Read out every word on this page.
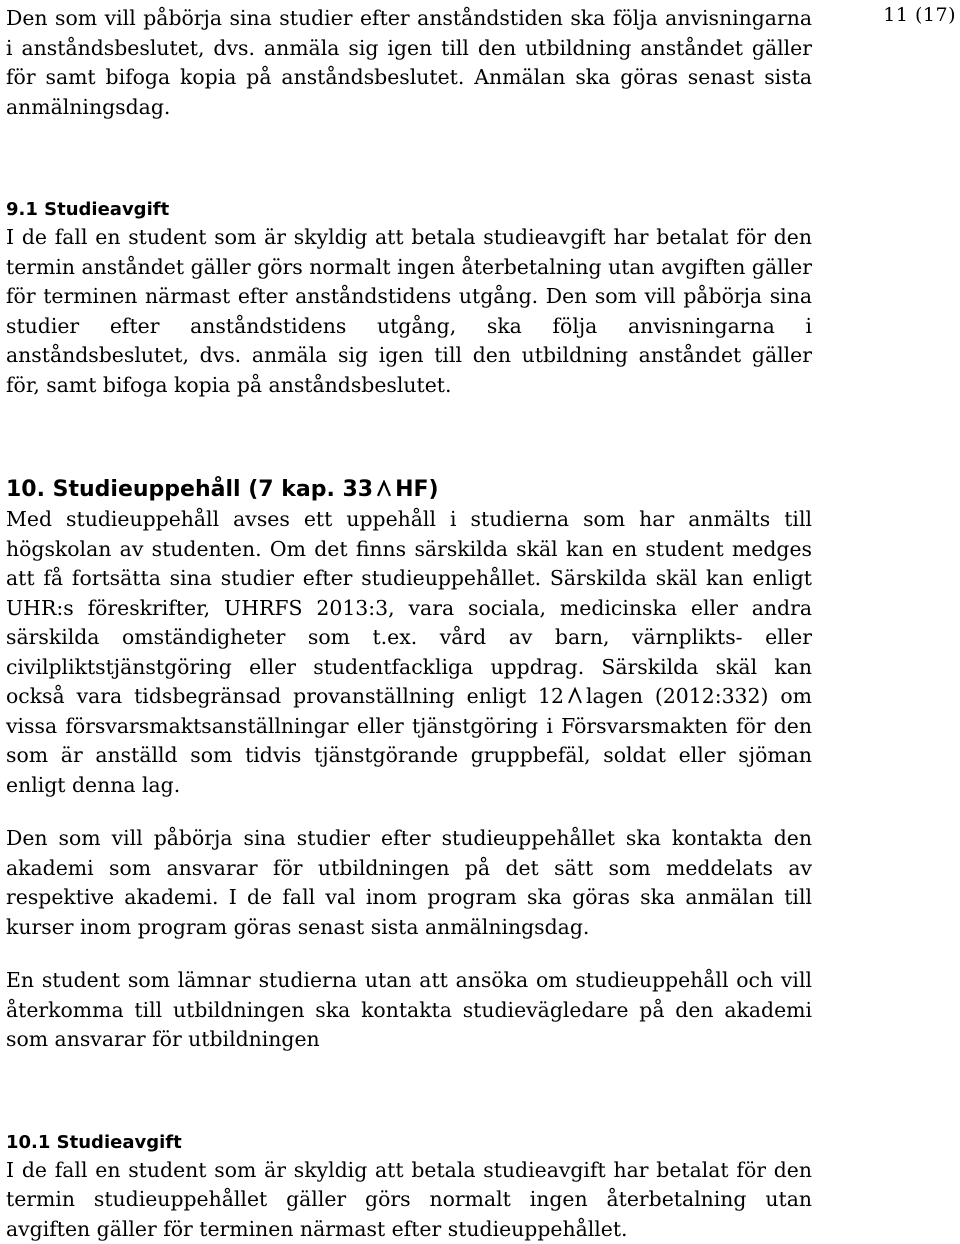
11 (17)

Den som vill påbörja sina studier efter anståndstiden ska följa anvisningarna i anståndsbeslutet, dvs. anmäla sig igen till den utbildning anståndet gäller för samt bifoga kopia på anståndsbeslutet. Anmälan ska göras senast sista anmälningsdag.

9.1 Studieavgift

I de fall en student som är skyldig att betala studieavgift har betalat för den termin anståndet gäller görs normalt ingen återbetalning utan avgiften gäller för terminen närmast efter anståndstidens utgång. Den som vill påbörja sina studier efter anståndstidens utgång, ska följa anvisningarna i anståndsbeslutet, dvs. anmäla sig igen till den utbildning anståndet gäller för, samt bifoga kopia på anståndsbeslutet.

10. Studieuppehåll (7 kap. 33 HF)

Med studieuppehåll avses ett uppehåll i studierna som har anmälts till högskolan av studenten. Om det finns särskilda skäl kan en student medges att få fortsätta sina studier efter studieuppehållet. Särskilda skäl kan enligt UHR:s föreskrifter, UHRFS 2013:3, vara sociala, medicinska eller andra särskilda omständigheter som t.ex. vård av barn, värnplikts- eller civilpliktstjänstgöring eller studentfackliga uppdrag. Särskilda skäl kan också vara tidsbegränsad provanställning enligt 12 lagen (2012:332) om vissa försvarsmaktsanställningar eller tjänstgöring i Försvarsmakten för den som är anställd som tidvis tjänstgörande gruppbefäl, soldat eller sjöman enligt denna lag.

Den som vill påbörja sina studier efter studieuppehållet ska kontakta den akademi som ansvarar för utbildningen på det sätt som meddelats av respektive akademi. I de fall val inom program ska göras ska anmälan till kurser inom program göras senast sista anmälningsdag.

En student som lämnar studierna utan att ansöka om studieuppehåll och vill återkomma till utbildningen ska kontakta studievägledare på den akademi som ansvarar för utbildningen

10.1 Studieavgift

I de fall en student som är skyldig att betala studieavgift har betalat för den termin studieuppehållet gäller görs normalt ingen återbetalning utan avgiften gäller för terminen närmast efter studieuppehållet.
